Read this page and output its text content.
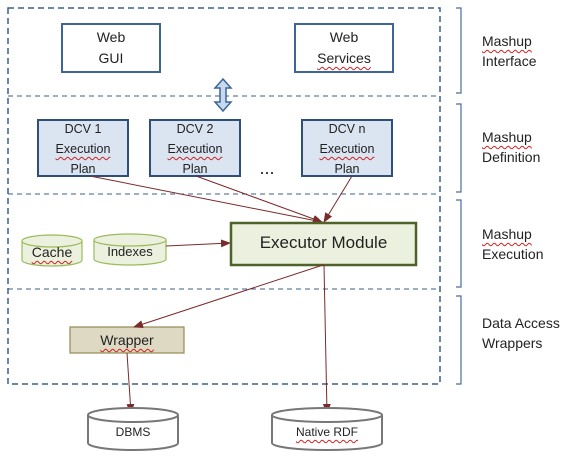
Web
GUI
Web
Services
DCV 1
Execution
Plan
DCV 2
Execution
Plan
DCV n
Execution
Plan
...
Cache	Indexes	Executor Module
Wrapper
DBMS	Native RDF
Mashup
Interface
Mashup
Definition
Mashup
Execution
Data Access
Wrappers
